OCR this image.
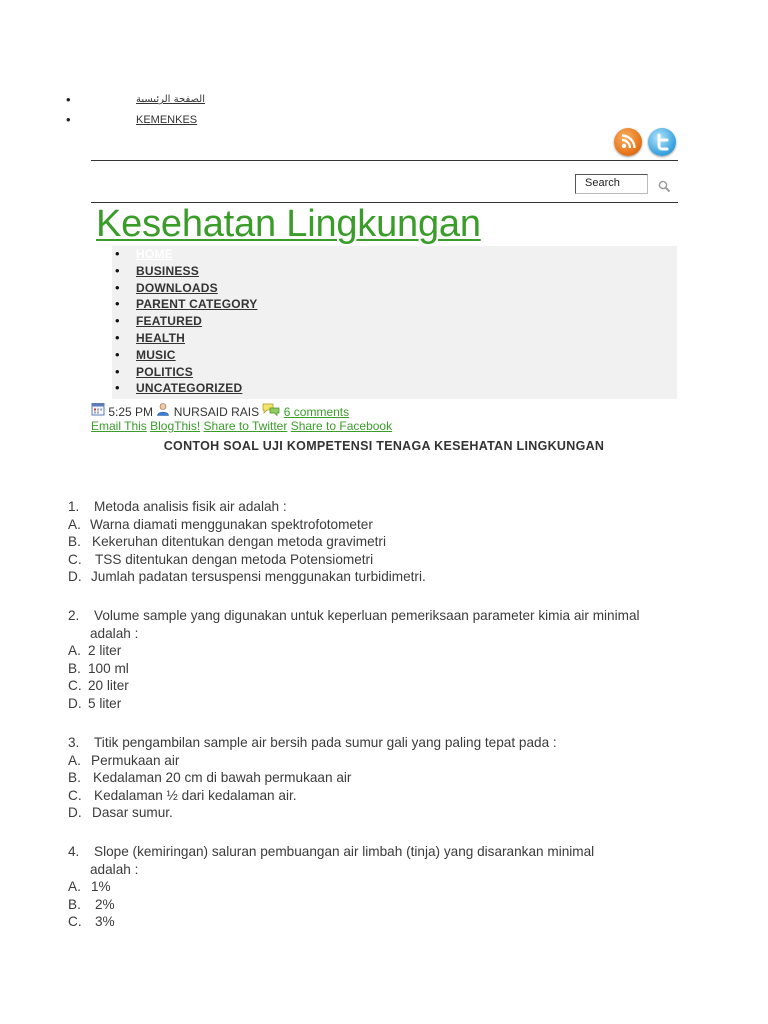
•	الصفحة الرئيسية
•	KEMENKES
Search
Kesehatan Lingkungan
• HOME
• BUSINESS
• DOWNLOADS
• PARENT CATEGORY
• FEATURED
• HEALTH
• MUSIC
• POLITICS
• UNCATEGORIZED
5:25 PM NURSAID RAIS 6 comments
Email This BlogThis! Share to Twitter Share to Facebook
CONTOH SOAL UJI KOMPETENSI TENAGA KESEHATAN LINGKUNGAN
1. Metoda analisis fisik air adalah :
A. Warna diamati menggunakan spektrofotometer
B. Kekeruhan ditentukan dengan metoda gravimetri
C. TSS ditentukan dengan metoda Potensiometri
D. Jumlah padatan tersuspensi menggunakan turbidimetri.
2. Volume sample yang digunakan untuk keperluan pemeriksaan parameter kimia air minimal
adalah :
A. 2 liter
B. 100 ml
C. 20 liter
D. 5 liter
3. Titik pengambilan sample air bersih pada sumur gali yang paling tepat pada :
A. Permukaan air
B. Kedalaman 20 cm di bawah permukaan air
C. Kedalaman ½ dari kedalaman air.
D. Dasar sumur.
4. Slope (kemiringan) saluran pembuangan air limbah (tinja) yang disarankan minimal
adalah :
A. 1%
B. 2%
C. 3%
